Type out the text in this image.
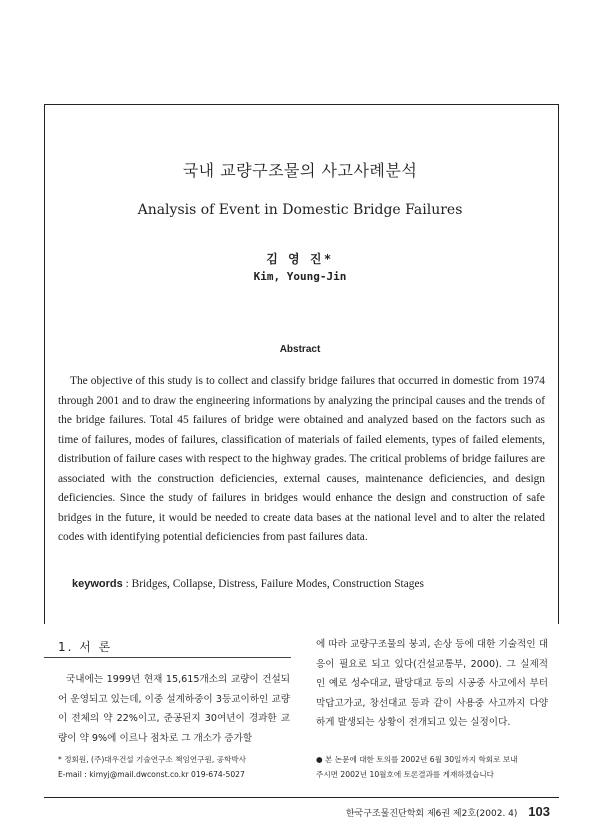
국내 교량구조물의 사고사례분석
Analysis of Event in Domestic Bridge Failures
김 영 진*
Kim, Young-Jin
Abstract

The objective of this study is to collect and classify bridge failures that occurred in domestic from 1974 through 2001 and to draw the engineering informations by analyzing the principal causes and the trends of the bridge failures. Total 45 failures of bridge were obtained and analyzed based on the factors such as time of failures, modes of failures, classification of materials of failed elements, types of failed elements, distribution of failure cases with respect to the highway grades. The critical problems of bridge failures are associated with the construction deficiencies, external causes, maintenance deficiencies, and design deficiencies. Since the study of failures in bridges would enhance the design and construction of safe bridges in the future, it would be needed to create data bases at the national level and to alter the related codes with identifying potential deficiencies from past failures data.

keywords : Bridges, Collapse, Distress, Failure Modes, Construction Stages
1. 서 론

국내에는 1999년 현재 15,615개소의 교량이 건설되어 운영되고 있는데, 이중 설계하중이 3등교이하인 교량이 전체의 약 22%이고, 준공된지 30여년이 경과한 교량이 약 9%에 이르나 점차로 그 개소가 증가할

에 따라 교량구조물의 붕괴, 손상 등에 대한 기술적인 대응이 필요로 되고 있다(건설교통부, 2000). 그 실제적인 예로 성수대교, 팔당대교 등의 시공중 사고에서 부터 막답고가교, 창선대교 등과 같이 사용중 사고까지 다양하게 발생되는 상황이 전개되고 있는 실정이다.

* 정회원, (주)대우건설 기술연구소 책임연구원, 공학박사
E-mail : kimyj@mail.dwconst.co.kr 019-674-5027
● 본 논문에 대한 토의를 2002년 6월 30일까지 학회로 보내
주시면 2002년 10월호에 토론결과를 게재하겠습니다
한국구조물진단학회 제6권 제2호(2002. 4) 103
